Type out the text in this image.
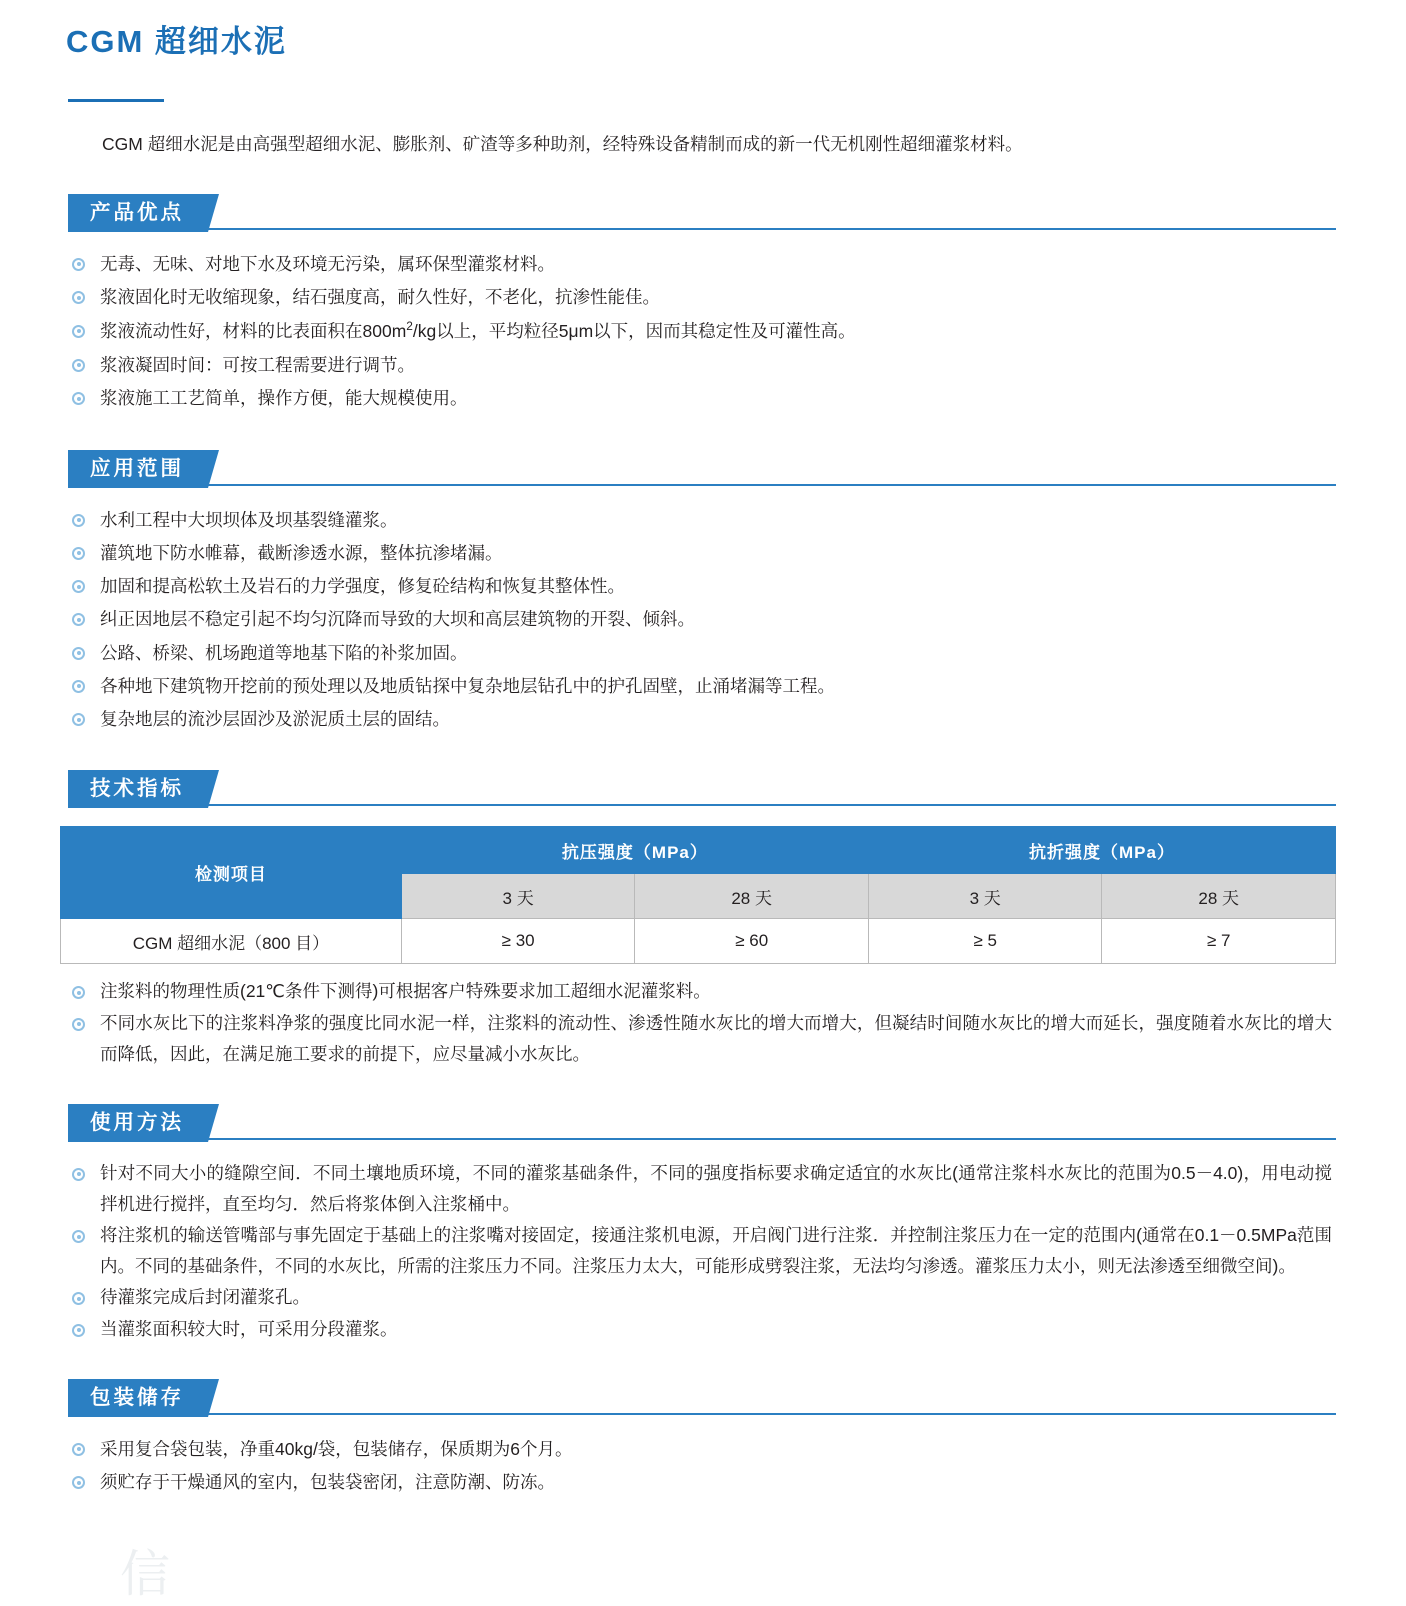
CGM 超细水泥

CGM 超细水泥是由高强型超细水泥、膨胀剂、矿渣等多种助剂，经特殊设备精制而成的新一代无机刚性超细灌浆材料。

产品优点
无毒、无味、对地下水及环境无污染，属环保型灌浆材料。
浆液固化时无收缩现象，结石强度高，耐久性好，不老化，抗渗性能佳。
浆液流动性好，材料的比表面积在$800m^2/kg$以上，平均粒径5μm以下，因而其稳定性及可灌性高。
浆液凝固时间：可按工程需要进行调节。
浆液施工工艺简单，操作方便，能大规模使用。
应用范围
水利工程中大坝坝体及坝基裂缝灌浆。
灌筑地下防水帷幕，截断渗透水源，整体抗渗堵漏。
加固和提高松软土及岩石的力学强度，修复砼结构和恢复其整体性。
纠正因地层不稳定引起不均匀沉降而导致的大坝和高层建筑物的开裂、倾斜。
公路、桥梁、机场跑道等地基下陷的补浆加固。
各种地下建筑物开挖前的预处理以及地质钻探中复杂地层钻孔中的护孔固壁，止涌堵漏等工程。
复杂地层的流沙层固沙及淤泥质土层的固结。
技术指标
检测项目	抗压强度（MPa）		抗折强度（MPa）	
	3 天	28 天	3 天	28 天
CGM 超细水泥（800 目）	≥ 30	≥ 60	≥ 5	≥ 7
注浆料的物理性质(21℃条件下测得)可根据客户特殊要求加工超细水泥灌浆料。
不同水灰比下的注浆料净浆的强度比同水泥一样，注浆料的流动性、渗透性随水灰比的增大而增大，但凝结时间随水灰比的增大而延长，强度随着水灰比的增大而降低，因此，在满足施工要求的前提下，应尽量减小水灰比。
使用方法
针对不同大小的缝隙空间．不同土壤地质环境，不同的灌浆基础条件，不同的强度指标要求确定适宜的水灰比(通常注浆枓水灰比的范围为0.5－4.0)，用电动搅拌机进行搅拌，直至均匀．然后将浆体倒入注浆桶中。
将注浆机的输送管嘴部与事先固定于基础上的注浆嘴对接固定，接通注浆机电源，开启阀门进行注浆．并控制注浆压力在一定的范围内(通常在0.1－0.5MPa范围内。不同的基础条件，不同的水灰比，所需的注浆压力不同。注浆压力太大，可能形成劈裂注浆，无法均匀渗透。灌浆压力太小，则无法渗透至细微空间)。
待灌浆完成后封闭灌浆孔。
当灌浆面积较大时，可采用分段灌浆。
包装储存
采用复合袋包装，净重40kg/袋，包装储存，保质期为6个月。
须贮存于干燥通风的室内，包装袋密闭，注意防潮、防冻。
信
